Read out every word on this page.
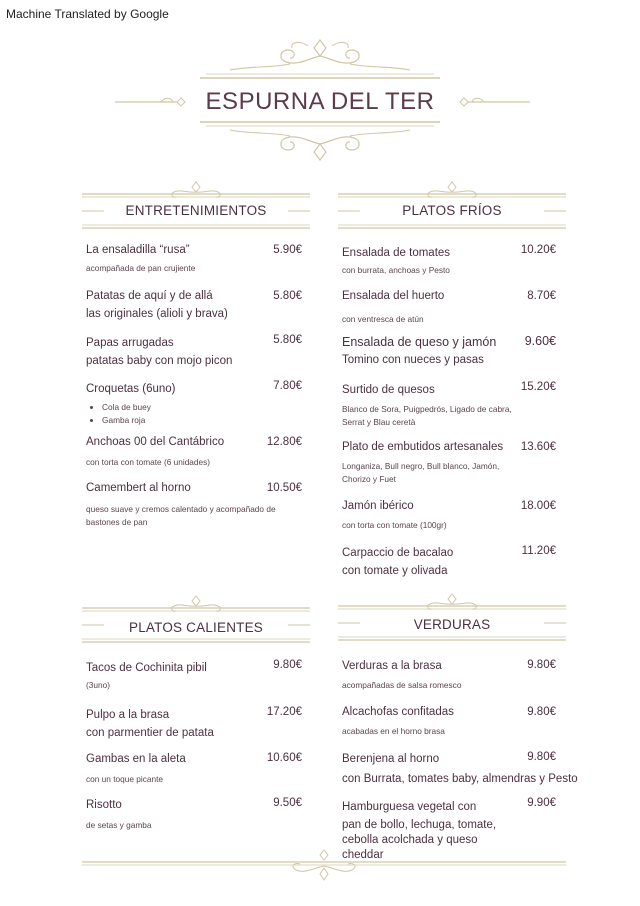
Machine Translated by Google
ESPURNA DEL TER
ENTRETENIMIENTOS	PLATOS FRÍOS
PLATOS CALIENTES	VERDURAS
La ensaladilla “rusa”
acompañada de pan crujiente
5.90€
Patatas de aquí y de allá
las originales (alioli y brava)
5.80€
Papas arrugadas
patatas baby con mojo picon
5.80€
Croquetas (6uno)
• Cola de buey
• Gamba roja
7.80€
Anchoas 00 del Cantábrico
con torta con tomate (6 unidades)
12.80€
Camembert al horno
queso suave y cremos calentado y acompañado de bastones de pan
10.50€
Ensalada de tomates
con burrata, anchoas y Pesto
10.20€
Ensalada del huerto
con ventresca de atún
8.70€
Ensalada de queso y jamón
Tomino con nueces y pasas
9.60€
Surtido de quesos
Blanco de Sora, Puigpedrós, Ligado de cabra, Serrat y Blau ceretà
15.20€
Plato de embutidos artesanales
Longaniza, Bull negro, Bull blanco, Jamón, Chorizo y Fuet
13.60€
Jamón ibérico
con torta con tomate (100gr)
18.00€
Carpaccio de bacalao
con tomate y olivada
11.20€
Tacos de Cochinita pibil
(3uno)
9.80€
Pulpo a la brasa
con parmentier de patata
17.20€
Gambas en la aleta
con un toque picante
10.60€
Risotto
de setas y gamba
9.50€
Verduras a la brasa
acompañadas de salsa romesco
9.80€
Alcachofas confitadas
acabadas en el horno brasa
9.80€
Berenjena al horno
con Burrata, tomates baby, almendras y Pesto
9.80€
Hamburguesa vegetal con
pan de bollo, lechuga, tomate, cebolla acolchada y queso cheddar
9.90€
